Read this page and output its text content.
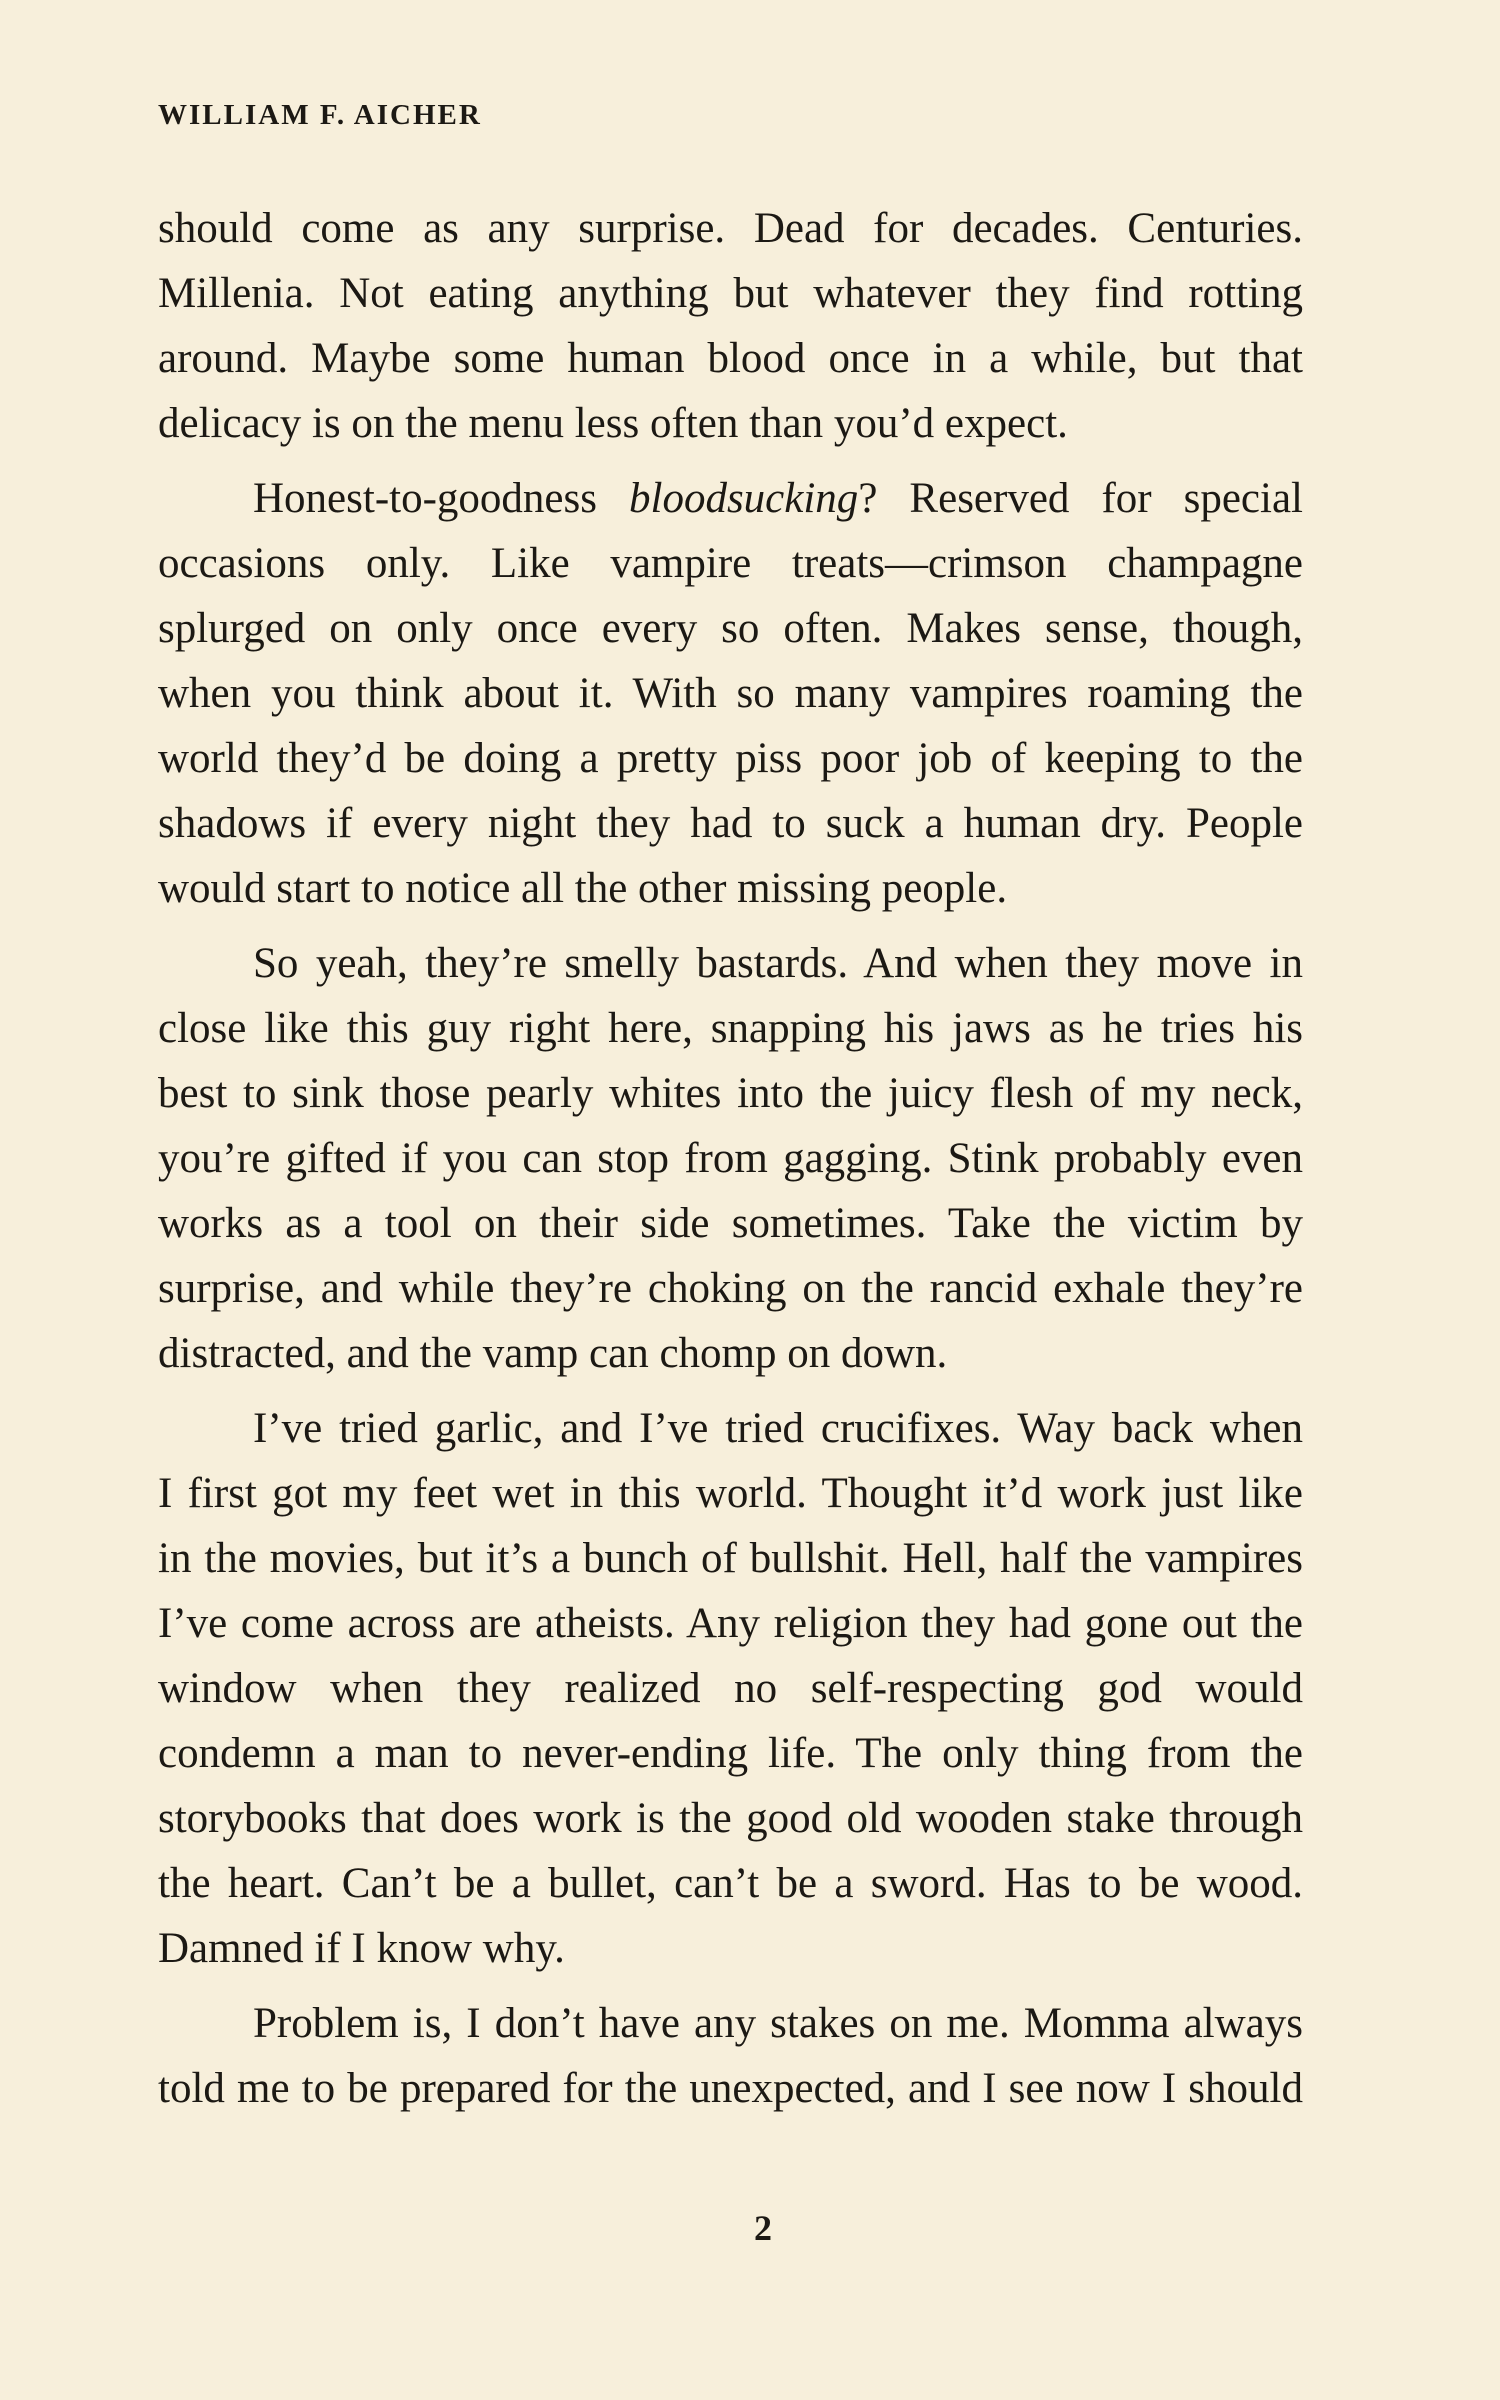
WILLIAM F. AICHER
should come as any surprise. Dead for decades. Centuries.
Millenia. Not eating anything but whatever they find rotting
around. Maybe some human blood once in a while, but that
delicacy is on the menu less often than you’d expect.
Honest-to-goodness bloodsucking? Reserved for special
occasions only. Like vampire treats—crimson champagne
splurged on only once every so often. Makes sense, though,
when you think about it. With so many vampires roaming the
world they’d be doing a pretty piss poor job of keeping to the
shadows if every night they had to suck a human dry. People
would start to notice all the other missing people.
So yeah, they’re smelly bastards. And when they move in
close like this guy right here, snapping his jaws as he tries his
best to sink those pearly whites into the juicy flesh of my neck,
you’re gifted if you can stop from gagging. Stink probably even
works as a tool on their side sometimes. Take the victim by
surprise, and while they’re choking on the rancid exhale they’re
distracted, and the vamp can chomp on down.
I’ve tried garlic, and I’ve tried crucifixes. Way back when
I first got my feet wet in this world. Thought it’d work just like
in the movies, but it’s a bunch of bullshit. Hell, half the vampires
I’ve come across are atheists. Any religion they had gone out the
window when they realized no self-respecting god would
condemn a man to never-ending life. The only thing from the
storybooks that does work is the good old wooden stake through
the heart. Can’t be a bullet, can’t be a sword. Has to be wood.
Damned if I know why.
Problem is, I don’t have any stakes on me. Momma always
told me to be prepared for the unexpected, and I see now I should
2
